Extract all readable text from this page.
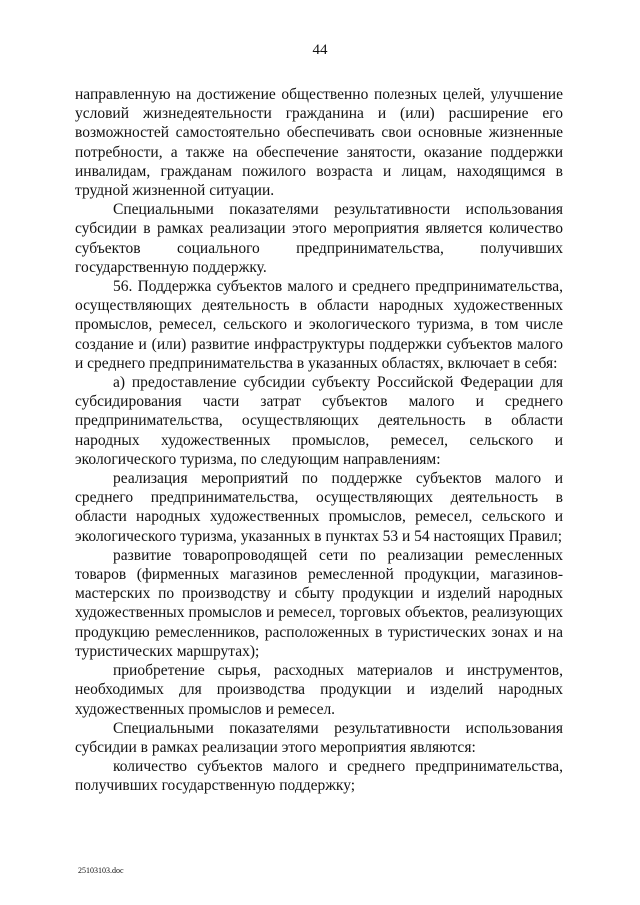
44

направленную на достижение общественно полезных целей, улучшение условий жизнедеятельности гражданина и (или) расширение его возможностей самостоятельно обеспечивать свои основные жизненные потребности, а также на обеспечение занятости, оказание поддержки инвалидам, гражданам пожилого возраста и лицам, находящимся в трудной жизненной ситуации.

Специальными показателями результативности использования субсидии в рамках реализации этого мероприятия является количество субъектов социального предпринимательства, получивших государственную поддержку.

56. Поддержка субъектов малого и среднего предпринимательства, осуществляющих деятельность в области народных художественных промыслов, ремесел, сельского и экологического туризма, в том числе создание и (или) развитие инфраструктуры поддержки субъектов малого и среднего предпринимательства в указанных областях, включает в себя:

а) предоставление субсидии субъекту Российской Федерации для субсидирования части затрат субъектов малого и среднего предпринимательства, осуществляющих деятельность в области народных художественных промыслов, ремесел, сельского и экологического туризма, по следующим направлениям:

реализация мероприятий по поддержке субъектов малого и среднего предпринимательства, осуществляющих деятельность в области народных художественных промыслов, ремесел, сельского и экологического туризма, указанных в пунктах 53 и 54 настоящих Правил;

развитие товаропроводящей сети по реализации ремесленных товаров (фирменных магазинов ремесленной продукции, магазинов-мастерских по производству и сбыту продукции и изделий народных художественных промыслов и ремесел, торговых объектов, реализующих продукцию ремесленников, расположенных в туристических зонах и на туристических маршрутах);

приобретение сырья, расходных материалов и инструментов, необходимых для производства продукции и изделий народных художественных промыслов и ремесел.

Специальными показателями результативности использования субсидии в рамках реализации этого мероприятия являются:

количество субъектов малого и среднего предпринимательства, получивших государственную поддержку;

25103103.doc
